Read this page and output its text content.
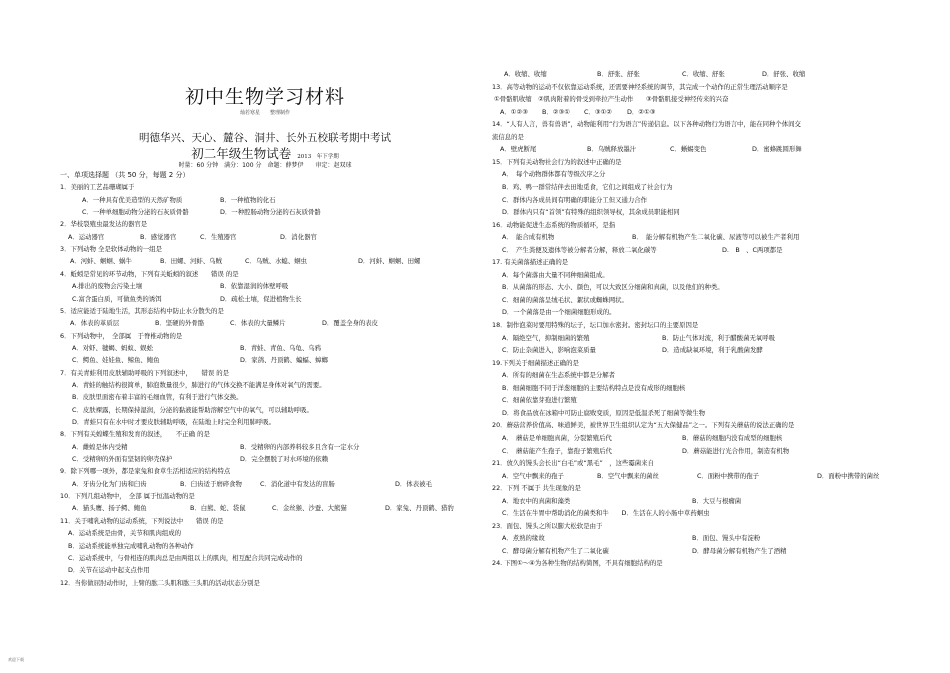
初中生物学习材料
灿若寒星　　整理制作
明德华兴、天心、麓谷、洞井、长外五校联考期中考试
初二年级生物试卷 2013　年下学期
时量：60 分钟　满分：100 分　命题：薛梦伊　　审定：赵双球
一、单项选择题 （共 50 分，每题 2 分）
1．美丽的工艺品珊瑚属于
A．一种具有优美造型的天然矿物质	B．一种植物的化石
C．一种单细胞动物分泌的石灰质骨骼	D．一种腔肠动物分泌的石灰质骨骼
2．华枝裂殖虫最发达的器官是
A．运动器官	B．感觉器官	C．生殖器官	D．消化器官
3．下列动物 全是软体动物的一组是
A．河蚌、蛔蛔、蜗牛	B．田螺、河蚌、乌贼	C．乌贼、水螅、蛔虫	D．河蚌、蛔蛔、田螺
4．蚯蚓是常见的环节动物，下列有关蚯蚓的叙述　　错误 的是
A.排出的废物会污染土壤	B．依靠湿润的体壁呼吸
C.富含蛋白质，可做鱼类的诱饵	D．疏松土壤，促进植物生长
5．适应能适于陆地生活，其形态结构中防止水分散失的是
A．体表的革质层	B．坚硬的外骨骼	C．体表的大量鳞片	D．覆盖全身的表皮
6．下列动物中，　全部属　于脊椎动物的是
A．对虾、毽蝎、蚂蚁、蜈蚣	B．青蛙、青鱼、乌龟、乌鸦
C．鳄鱼、娃娃鱼、鲸鱼、鲍鱼	D．家鸽、丹顶鹤、蝙蝠、蟑螂
7．有关青蛙利用皮肤辅助呼吸的下列叙述中，　　错误 的是
A．青蛙的触结构很简单，肺泡数量很少，肺进行的气体交换不能满足身体对氧气的需要。
B．皮肤里面密布着丰富的毛细血管，有利于进行气体交换。
C．皮肤裸露，长期保持湿润，分泌的黏液能帮助溶解空气中的氧气，可以辅助呼吸。
D．青蛙只有在水中时才要皮肤辅助呼吸，在陆地上时完全利用肺呼吸。
8．下列有关蝗蝶生殖和发育的叙述，　　不正确 的是
A．雌蝗是体内受精	B．受精卵的内部养料较多且含有一定水分
C．受精卵的外面有坚韧的卵壳保护	D．完全摆脱了对水环境的依赖
9．除下列哪一项外，都是家兔和食草生活相适应的结构特点
A．牙齿分化为门齿和臼齿	B．臼齿适于磨碎食物	C．消化道中有发达的盲肠	D．体表被毛
10．下列几组动物中，　全部 属于恒温动物的是
A．猫头鹰、扬子鳄、鲍鱼	B．白熊、蛇、袋鼠	C．金丝猴、沙蚕、大熊猫	D．家兔、丹顶鹤、猎豹
11．关于哺乳动物的运动系统，下列说法中　　错误 的是
A．运动系统是由骨，关节和肌肉组成的
B．运动系统能单独完成哺乳动物的各种动作
C．运动系统中，与骨相连的肌肉总是由两组以上的肌肉，相互配合共同完成动作的
D．关节在运动中起支点作用
12．当你做屈肘动作时，上臂的肱二头肌和肱三头肌的活动状态分别是
A．收缩、收缩	B．舒张、舒张	C．收缩、舒张	D．舒张、收缩
13．高等动物的运动不仅依靠运动系统，还需要神经系统的调节，其完成一个动作的正常生理活动顺序是
①骨骼肌收缩　②肌肉附着的骨受到牵拉产生动作　　③骨骼肌接受神经传来的兴奋
A．①②③ B．②③① C．③①② D．②①③
14．“人有人言，兽有兽语”，动物能利用“行为语言”传递信息。以下各种动物行为语言中，能在同种个体间交
流信息的是
A．壁虎断尾	B．乌贼释放墨汁	C．蜥蜴变色	D．蜜蜂跳圆形舞
15．下列有关动物社会行为的叙述中正确的是
A．　每个动物群体都有等级次序之分
B．鸡、鸭一群常结伴去田地觅食，它们之间组成了社会行为
C．群体内各成员间有明确的职能分工但又通力合作
D．群体内只有“首领”有特殊的组织领导权，其余成员职能相同
16．动物能促进生态系统的物质循环，是指
A．　能合成有机物	B．　能分解有机物产生二氧化碳、尿液等可以被生产者利用
C．　产生粪便及遗体等被分解者分解，释放二氧化碳等	D.　B　、C两项都是
17. 有关菌落描述正确的是
A．每个菌落由大量不同种细菌组成。
B．从菌落的形态、大小、颜色，可以大致区分细菌和真菌，以及他们的种类。
C．细菌的菌落呈绒毛状、絮状或蜘蛛网状。
D．一个菌落是由一个细菌细胞形成的。
18．制作泡菜时要用特殊的坛子，坛口加水密封。密封坛口的主要原因是
A．隔绝空气，抑制细菌的繁殖	B．防止气体对流，利于醋酸菌无氧呼吸
C．防止杂菌进入，影响泡菜质量	D．造成缺氧环境，利于乳酸菌发酵
19.下列关于细菌描述正确的是
A．所有的细菌在生态系统中都是分解者
B．细菌细胞不同于洋葱细胞的主要结构特点是没有成形的细胞核
C．细菌依靠芽孢进行繁殖
D．将食品放在冰箱中可防止腐败变质，原因是低温杀死了细菌等微生物
20．蘑菇营养价值高、味道鲜美，被世界卫生组织认定为“五大保健品”之一。下列有关蘑菇的说法正确的是
A．　蘑菇是单细胞真菌，分裂繁殖后代	B．蘑菇的细胞内没有成型的细胞核
C．　蘑菇能产生孢子，靠孢子繁殖后代	D．蘑菇能进行光合作用，制造有机物
21．放久的馒头会长出“白毛”或“黑毛”　，这些霉菌来自
A．空气中飘来的孢子	B．空气中飘来的菌丝	C．面粉中携带的孢子	D．面粉中携带的菌丝
22．下列 不属于 共生现象的是
A．地衣中的真菌和藻类	B．大豆与根瘤菌
C．生活在牛胃中帮助消化的菌类和牛　　D．生活在人的小肠中草药蛔虫
23．面包、馒头之所以膨大松软是由于
A．煮熟的缘故	B．面包、馒头中有淀粉
C．酵母菌分解有机物产生了二氧化碳	D．酵母菌分解有机物产生了酒精
24. 下图①～④为各种生物的结构简图，不具有细胞结构的是
欢迎下载
